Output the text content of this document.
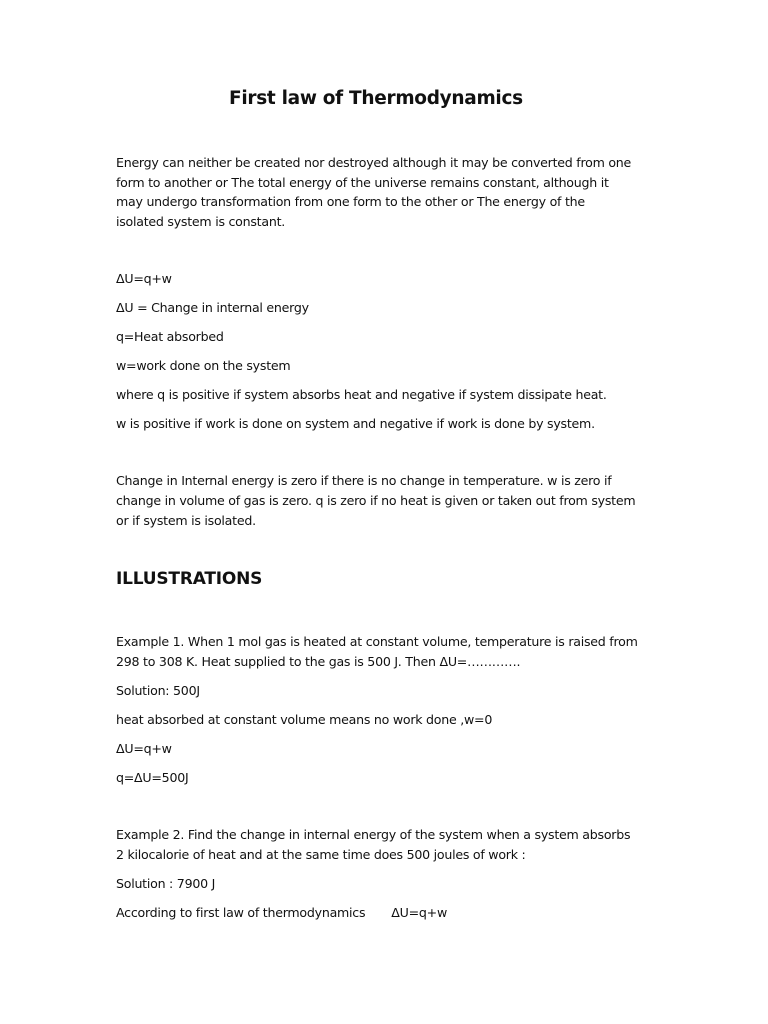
First law of Thermodynamics
Energy can neither be created nor destroyed although it may be converted from one
form to another or The total energy of the universe remains constant, although it
may undergo transformation from one form to the other or The energy of the
isolated system is constant.
ΔU=q+w
ΔU = Change in internal energy
q=Heat absorbed
w=work done on the system
where q is positive if system absorbs heat and negative if system dissipate heat.
w is positive if work is done on system and negative if work is done by system.
Change in Internal energy is zero if there is no change in temperature. w is zero if
change in volume of gas is zero. q is zero if no heat is given or taken out from system
or if system is isolated.
ILLUSTRATIONS
Example 1. When 1 mol gas is heated at constant volume, temperature is raised from
298 to 308 K. Heat supplied to the gas is 500 J. Then ΔU=………….
Solution: 500J
heat absorbed at constant volume means no work done ,w=0
ΔU=q+w
q=ΔU=500J
Example 2. Find the change in internal energy of the system when a system absorbs
2 kilocalorie of heat and at the same time does 500 joules of work :
Solution : 7900 J
According to first law of thermodynamics ΔU=q+w
